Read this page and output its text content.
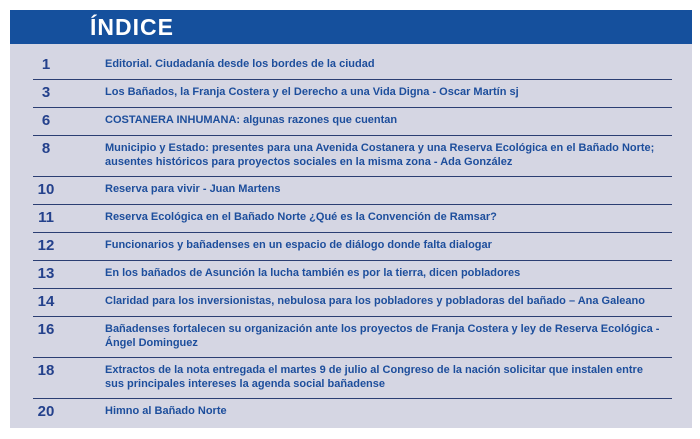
ÍNDICE
1	Editorial. Ciudadanía desde los bordes de la ciudad
3	Los Bañados, la Franja Costera y el Derecho a una Vida Digna - Oscar Martín sj
6	COSTANERA INHUMANA: algunas razones que cuentan
8	Municipio y Estado: presentes para una Avenida Costanera y una Reserva Ecológica en el Bañado Norte; ausentes históricos para proyectos sociales en la misma zona - Ada González
10	Reserva para vivir - Juan Martens
11	Reserva Ecológica en el Bañado Norte ¿Qué es la Convención de Ramsar?
12	Funcionarios y bañadenses en un espacio de diálogo donde falta dialogar
13	En los bañados de Asunción la lucha también es por la tierra, dicen pobladores
14	Claridad para los inversionistas, nebulosa para los pobladores y pobladoras del bañado – Ana Galeano
16	Bañadenses fortalecen su organización ante los proyectos de Franja Costera y ley de Reserva Ecológica - Ángel Dominguez
18	Extractos de la nota entregada el martes 9 de julio al Congreso de la nación solicitar que instalen entre sus principales intereses la agenda social bañadense
20	Himno al Bañado Norte
